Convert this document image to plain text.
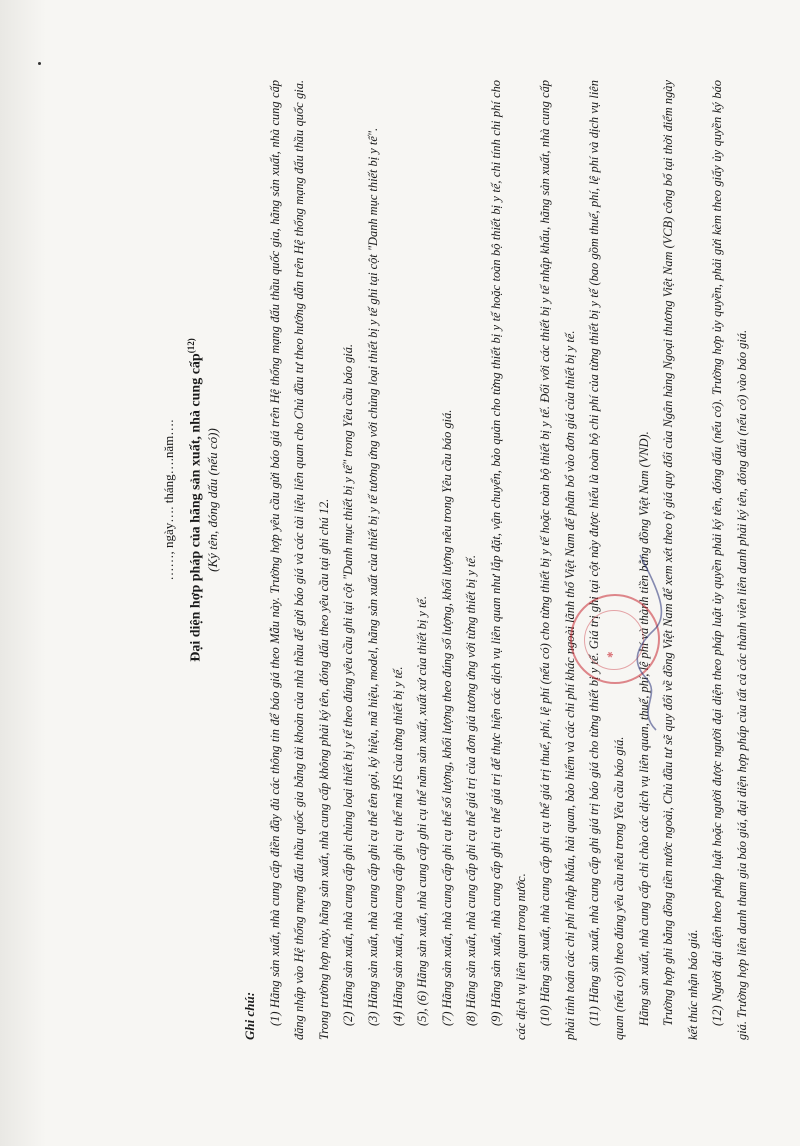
……, ngày…. tháng….năm…. Đại diện hợp pháp của hãng sản xuất, nhà cung cấp$^{(12)}$
(Ký tên, đóng dấu (nếu có))
Ghi chú: (1) Hãng sản xuất, nhà cung cấp điền đầy đủ các thông tin để báo giá theo Mẫu này. Trường hợp yêu cầu gửi báo giá trên Hệ thống mạng đấu thầu quốc gia, hãng sản xuất, nhà cung cấp đăng nhập vào Hệ thống mạng đấu thầu quốc gia bằng tài khoản của nhà thầu để gửi báo giá và các tài liệu liên quan cho Chủ đầu tư theo hướng dẫn trên Hệ thống mạng đấu thầu quốc gia. Trong trường hợp này, hãng sản xuất, nhà cung cấp không phải ký tên, đóng dấu theo yêu cầu tại ghi chú 12. (2) Hãng sản xuất, nhà cung cấp ghi chủng loại thiết bị y tế theo đúng yêu cầu ghi tại cột "Danh mục thiết bị y tế" trong Yêu cầu báo giá. (3) Hãng sản xuất, nhà cung cấp ghi cụ thể tên gọi, ký hiệu, mã hiệu, model, hãng sản xuất của thiết bị y tế tương ứng với chủng loại thiết bị y tế ghi tại cột "Danh mục thiết bị y tế". (4) Hãng sản xuất, nhà cung cấp ghi cụ thể mã HS của từng thiết bị y tế. (5), (6) Hãng sản xuất, nhà cung cấp ghi cụ thể năm sản xuất, xuất xứ của thiết bị y tế. (7) Hãng sản xuất, nhà cung cấp ghi cụ thể số lượng, khối lượng theo đúng số lượng, khối lượng nêu trong Yêu cầu báo giá. (8) Hãng sản xuất, nhà cung cấp ghi cụ thể giá trị của đơn giá tương ứng với từng thiết bị y tế. (9) Hãng sản xuất, nhà cung cấp ghi cụ thể giá trị để thực hiện các dịch vụ liên quan như lắp đặt, vận chuyển, bảo quản cho từng thiết bị y tế hoặc toàn bộ thiết bị y tế, chi tính chi phí cho các dịch vụ liên quan trong nước. (10) Hãng sản xuất, nhà cung cấp ghi cụ thể giá trị thuế, phí, lệ phí (nếu có) cho từng thiết bị y tế hoặc toàn bộ thiết bị y tế. Đối với các thiết bị y tế nhập khẩu, hãng sản xuất, nhà cung cấp phải tính toán các chi phí nhập khẩu, hải quan, bảo hiểm và các chi phí khác ngoài lãnh thổ Việt Nam để phân bổ vào đơn giá của thiết bị y tế. (11) Hãng sản xuất, nhà cung cấp ghi giá trị báo giá cho từng thiết bị y tế. Giá trị ghi tại cột này được hiểu là toàn bộ chi phí của từng thiết bị y tế (bao gồm thuế, phí, lệ phí và dịch vụ liên quan (nếu có)) theo đúng yêu cầu nêu trong Yêu cầu báo giá. Hãng sản xuất, nhà cung cấp chỉ chào các dịch vụ liên quan, thuế, phí, lệ phí và thành tiền bằng đồng Việt Nam (VND). Trường hợp ghi bằng đồng tiền nước ngoài, Chủ đầu tư sẽ quy đổi về đồng Việt Nam để xem xét theo tỷ giá quy đổi của Ngân hàng Ngoại thương Việt Nam (VCB) công bố tại thời điểm ngày kết thúc nhận báo giá. (12) Người đại diện theo pháp luật hoặc người được người đại diện theo pháp luật ủy quyền phải ký tên, đóng dấu (nếu có). Trường hợp ủy quyền, phải gửi kèm theo giấy ủy quyền ký báo giá. Trường hợp liên danh tham gia báo giá, đại diện hợp pháp của tất cả các thành viên liên danh phải ký tên, đóng dấu (nếu có) vào báo giá.

✱
